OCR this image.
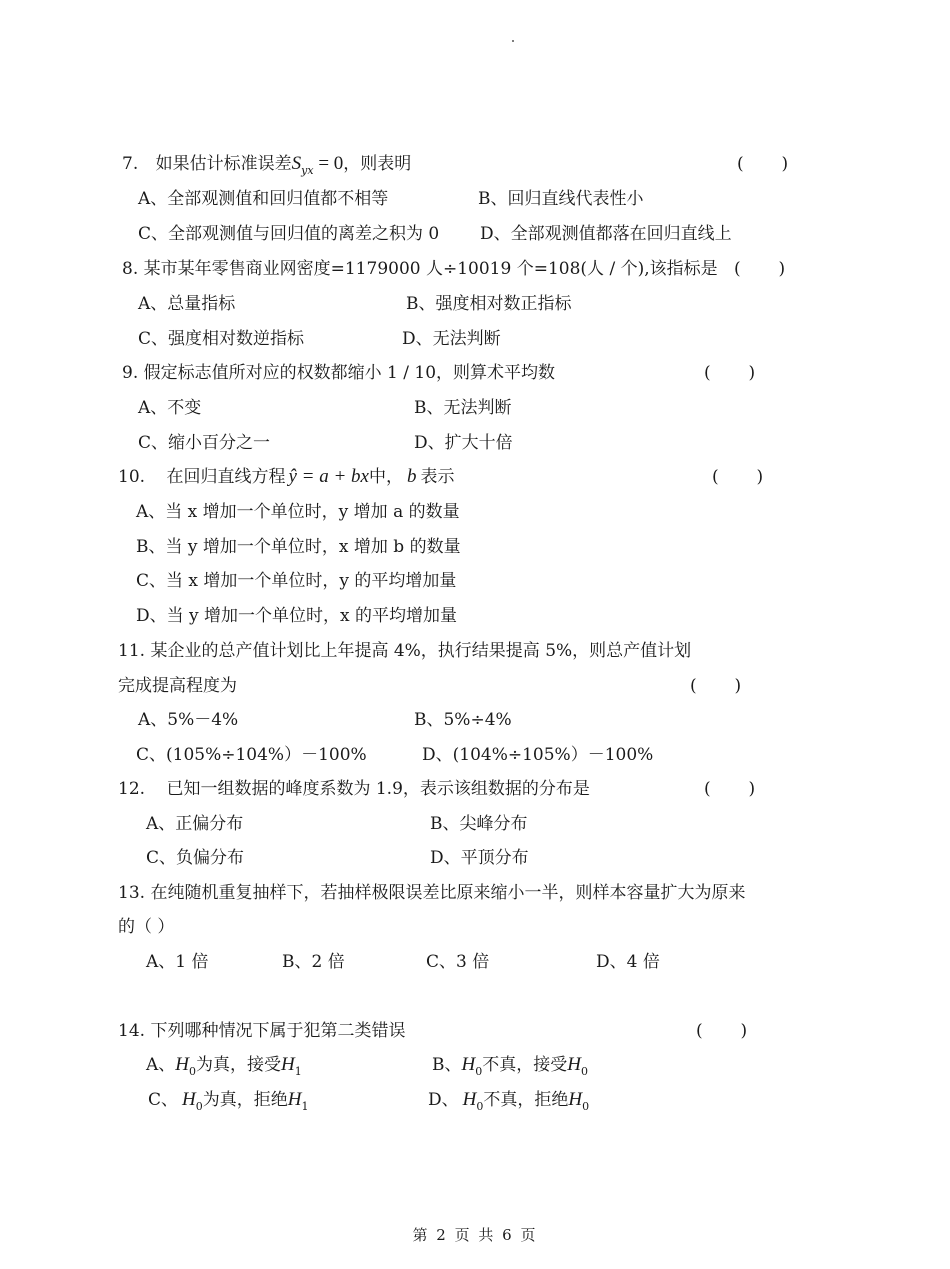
7. 如果估计标准误差$S_{yx} = 0$，则表明	(       )
A、全部观测值和回归值都不相等	B、回归直线代表性小
C、全部观测值与回归值的离差之积为 0 D、全部观测值都落在回归直线上
8. 某市某年零售商业网密度=1179000 人÷10019 个=108(人 / 个),该指标是 (       )
A、总量指标	B、强度相对数正指标
C、强度相对数逆指标	D、无法判断
9. 假定标志值所对应的权数都缩小 1 / 10，则算术平均数	(       )
A、不变	B、无法判断
C、缩小百分之一	D、扩大十倍
10. 在回归直线方程 ŷ = a + bx中， b 表示	(       )
A、当 x 增加一个单位时，y 增加 a 的数量
B、当 y 增加一个单位时，x 增加 b 的数量
C、当 x 增加一个单位时，y 的平均增加量
D、当 y 增加一个单位时，x 的平均增加量
11. 某企业的总产值计划比上年提高 4%，执行结果提高 5%，则总产值计划
完成提高程度为	(       )
A、5%－4%	B、5%÷4%
C、(105%÷104%）－100%	D、(104%÷105%）－100%
12. 已知一组数据的峰度系数为 1.9，表示该组数据的分布是	(       )
A、正偏分布	B、尖峰分布
C、负偏分布	D、平顶分布
13. 在纯随机重复抽样下，若抽样极限误差比原来缩小一半，则样本容量扩大为原来
的（ ）
A、1 倍	B、2 倍	C、3 倍	D、4 倍
14. 下列哪种情况下属于犯第二类错误	(       )
A、$H_0$为真，接受$H_1$	B、$H_0$不真，接受$H_0$
C、 $H_0$为真，拒绝$H_1$	D、 $H_0$不真，拒绝$H_0$
第 2 页 共 6 页
